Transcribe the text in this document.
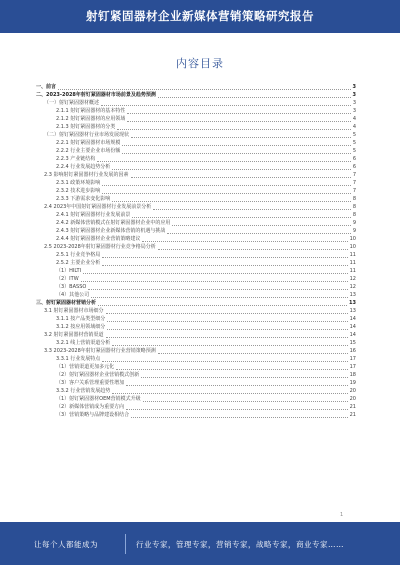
射钉紧固器材企业新媒体营销策略研究报告
内容目录
一、前言	3
二、2023-2028年射钉紧固器材市场前景及趋势预测	3
（一）射钉紧固器材概述	3
2.1.1 射钉紧固器材的基本特性	3
2.1.2 射钉紧固器材的应用领域	4
2.1.3 射钉紧固器材的分类	4
（二）射钉紧固器材行业市场发展现状	5
2.2.1 射钉紧固器材市场规模	5
2.2.2 行业主要企业市场份额	5
2.2.3 产业链结构	6
2.2.4 行业发展趋势分析	6
2.3 影响射钉紧固器材行业发展的因素	7
2.3.1 政策环境影响	7
2.3.2 技术进步影响	7
2.3.3 下游需求变化影响	8
2.4 2023年中国射钉紧固器材行业发展前景分析	8
2.4.1 射钉紧固器材行业发展前景	8
2.4.2 新媒体营销模式在射钉紧固器材企业中的应用	9
2.4.3 射钉紧固器材企业新媒体营销的机遇与挑战	9
2.4.4 射钉紧固器材企业营销策略建议	10
2.5 2023-2028年射钉紧固器材行业竞争格局分析	10
2.5.1 行业竞争格局	11
2.5.2 主要企业分析	11
（1）HILTI	11
（2）ITW	12
（3）BASSO	12
（4）其他公司	13
三、射钉紧固器材营销分析	13
3.1 射钉紧固器材市场细分	13
3.1.1 按产品类型细分	14
3.1.2 按应用领域细分	14
3.2 射钉紧固器材营销渠道	14
3.2.1 线上营销渠道分析	15
3.3 2023-2028年射钉紧固器材行业营销策略预测	16
3.3.1 行业发展特点	17
（1）营销渠道更加多元化	17
（2）射钉紧固器材企业营销模式创新	18
（3）客户关系管理重要性增加	19
3.3.2 行业营销发展趋势	20
（1）射钉紧固器材OEM营销模式升级	20
（2）新媒体营销成为重要方向	21
（3）营销策略与品牌建设相结合	21
1
让每个人都能成为	行业专家，管理专家，营销专家，战略专家，商业专家……
